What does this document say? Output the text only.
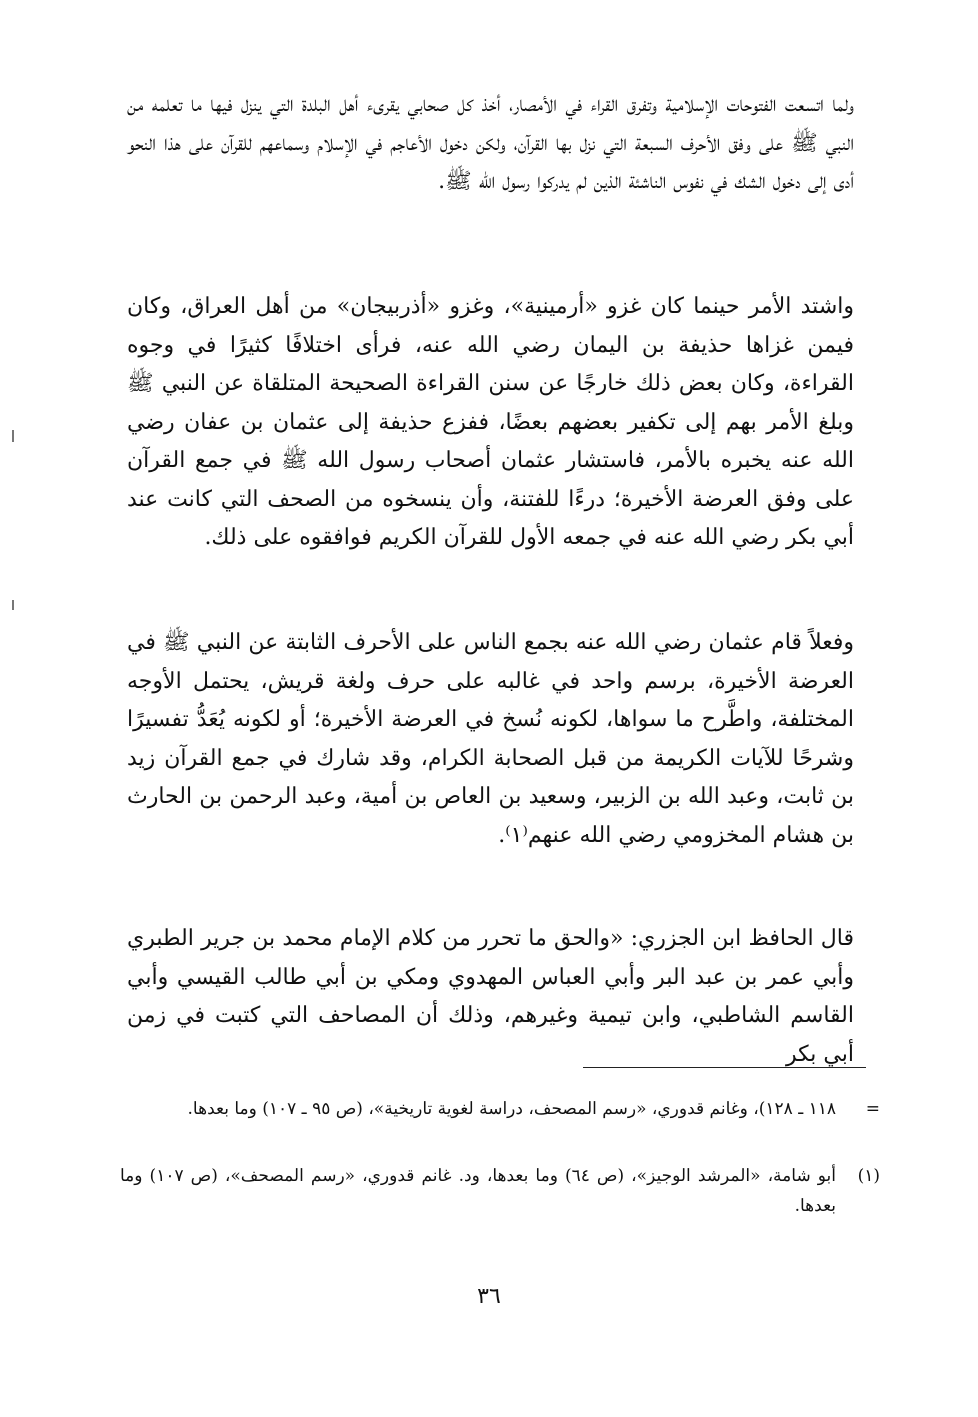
ولما اتسعت الفتوحات الإسلامية وتفرق القراء في الأمصار، أخذ كل صحابي يقرىء أهل البلدة التي ينزل فيها ما تعلمه من النبي ﷺ على وفق الأحرف السبعة التي نزل بها القرآن، ولكن دخول الأعاجم في الإسلام وسماعهم للقرآن على هذا النحو أدى إلى دخول الشك في نفوس الناشئة الذين لم يدركوا رسول الله ﷺ.

واشتد الأمر حينما كان غزو «أرمينية»، وغزو «أذربيجان» من أهل العراق، وكان فيمن غزاها حذيفة بن اليمان رضي الله عنه، فرأى اختلافًا كثيرًا في وجوه القراءة، وكان بعض ذلك خارجًا عن سنن القراءة الصحيحة المتلقاة عن النبي ﷺ وبلغ الأمر بهم إلى تكفير بعضهم بعضًا، ففزع حذيفة إلى عثمان بن عفان رضي الله عنه يخبره بالأمر، فاستشار عثمان أصحاب رسول الله ﷺ في جمع القرآن على وفق العرضة الأخيرة؛ درءًا للفتنة، وأن ينسخوه من الصحف التي كانت عند أبي بكر رضي الله عنه في جمعه الأول للقرآن الكريم فوافقوه على ذلك.

وفعلاً قام عثمان رضي الله عنه بجمع الناس على الأحرف الثابتة عن النبي ﷺ في العرضة الأخيرة، برسم واحد في غالبه على حرف ولغة قريش، يحتمل الأوجه المختلفة، واطَّرح ما سواها، لكونه نُسخ في العرضة الأخيرة؛ أو لكونه يُعَدُّ تفسيرًا وشرحًا للآيات الكريمة من قبل الصحابة الكرام، وقد شارك في جمع القرآن زيد بن ثابت، وعبد الله بن الزبير، وسعيد بن العاص بن أمية، وعبد الرحمن بن الحارث بن هشام المخزومي رضي الله عنهم⁽١⁾.

قال الحافظ ابن الجزري: «والحق ما تحرر من كلام الإمام محمد بن جرير الطبري وأبي عمر بن عبد البر وأبي العباس المهدوي ومكي بن أبي طالب القيسي وأبي القاسم الشاطبي، وابن تيمية وغيرهم، وذلك أن المصاحف التي كتبت في زمن أبي بكر

=
١١٨ ـ ١٢٨)، وغانم قدوري، «رسم المصحف، دراسة لغوية تاريخية»، (ص ٩٥ ـ ١٠٧) وما بعدها.
(١)
أبو شامة، «المرشد الوجيز»، (ص ٦٤) وما بعدها، ود. غانم قدوري، «رسم المصحف»، (ص ١٠٧) وما بعدها.
٣٦
